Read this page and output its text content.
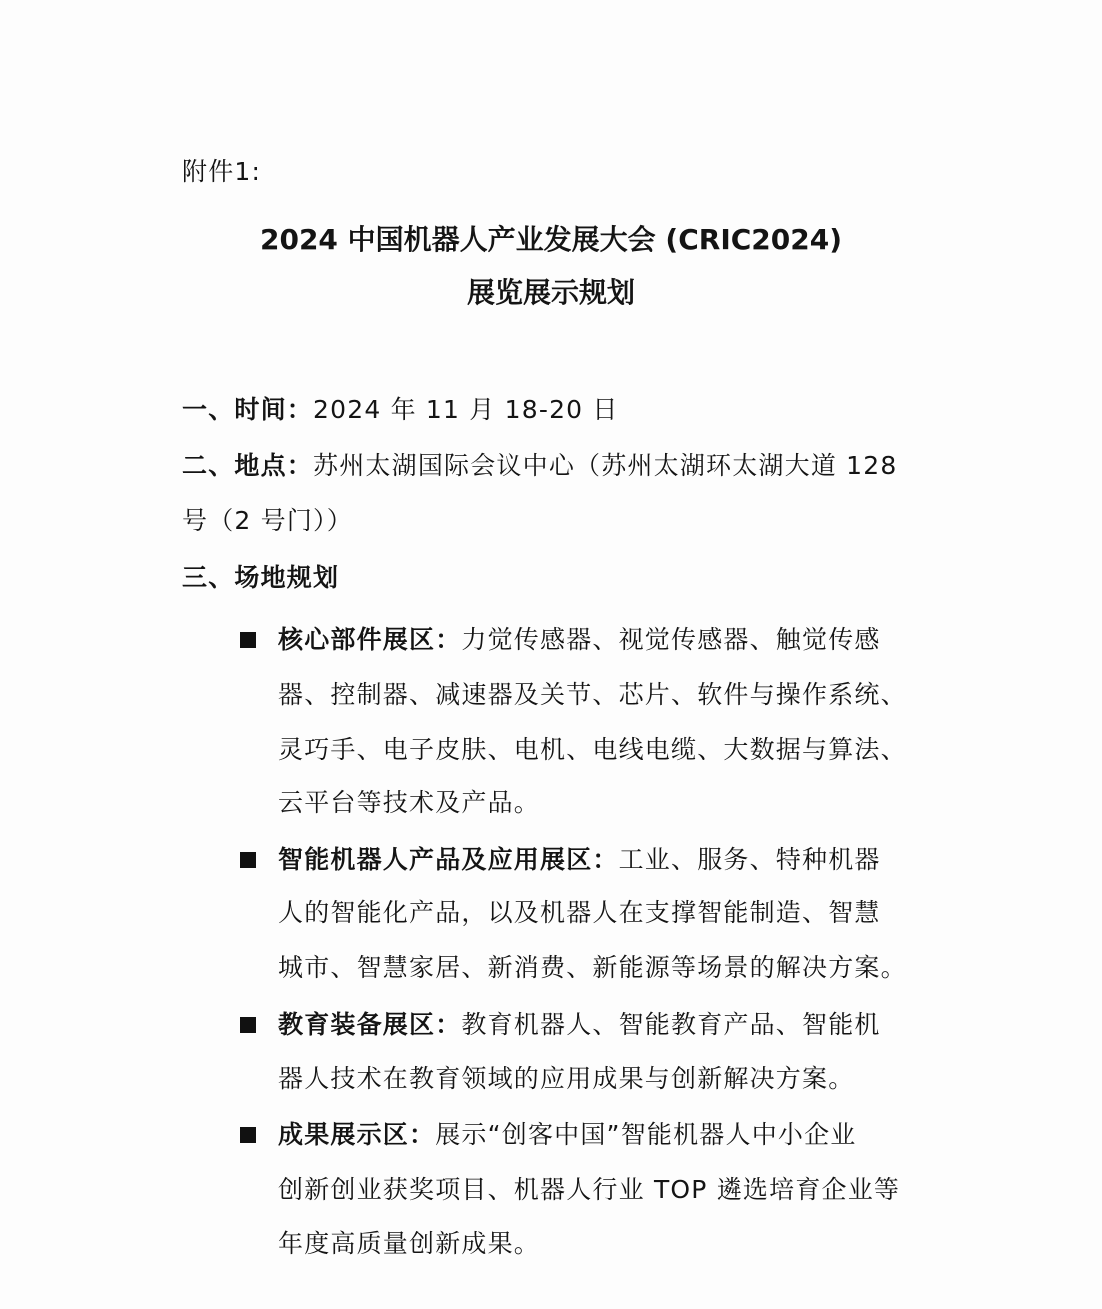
附件1:
2024 中国机器人产业发展大会 (CRIC2024)
展览展示规划
一、时间：2024 年 11 月 18-20 日
二、地点：苏州太湖国际会议中心（苏州太湖环太湖大道 128
号（2 号门））
三、场地规划
核心部件展区：力觉传感器、视觉传感器、触觉传感
器、控制器、减速器及关节、芯片、软件与操作系统、
灵巧手、电子皮肤、电机、电线电缆、大数据与算法、
云平台等技术及产品。
智能机器人产品及应用展区：工业、服务、特种机器
人的智能化产品，以及机器人在支撑智能制造、智慧
城市、智慧家居、新消费、新能源等场景的解决方案。
教育装备展区：教育机器人、智能教育产品、智能机
器人技术在教育领域的应用成果与创新解决方案。
成果展示区：展示“创客中国”智能机器人中小企业
创新创业获奖项目、机器人行业 TOP 遴选培育企业等
年度高质量创新成果。
